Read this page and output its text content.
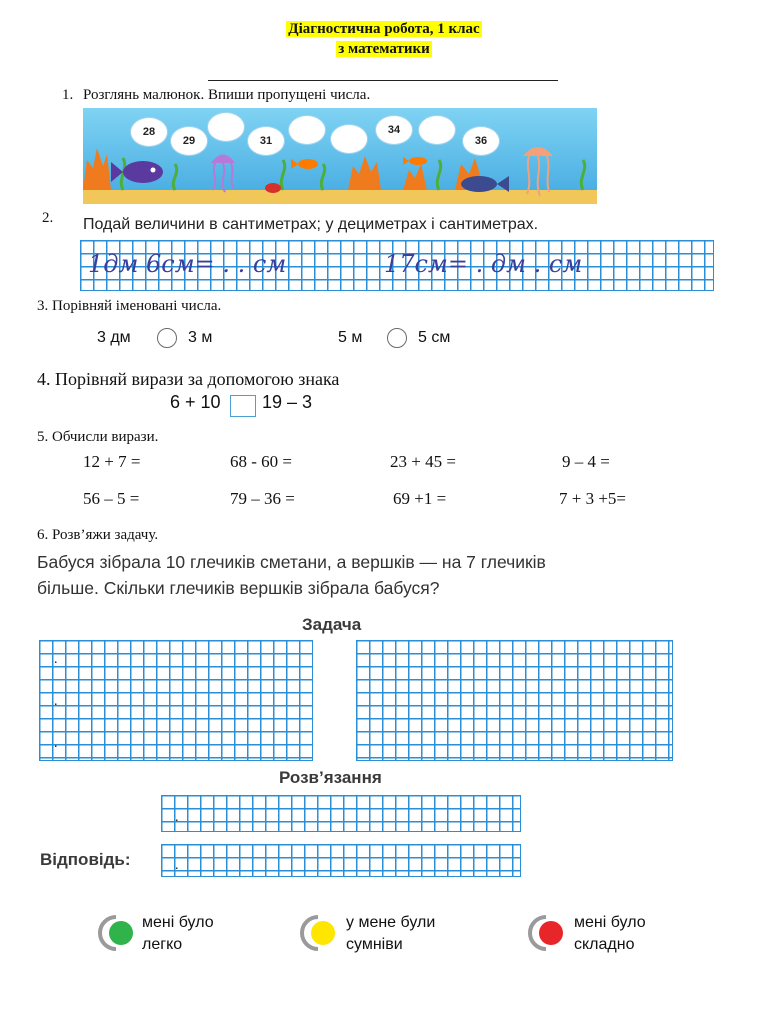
Діагностична робота, 1 клас
з математики
1. Розглянь малюнок. Впиши пропущені числа.
28
29	31
34
36
2. Подай величини в сантиметрах; у дециметрах і сантиметрах.
1дм 6см= . . см	17см= . дм . см
3. Порівняй іменовані числа.
3 дм	3 м	5 м	5 см
4. Порівняй вирази за допомогою знака
6 + 10 19 – 3
5. Обчисли вирази.
12 + 7 =	68 - 60 =	23 + 45 =	9 – 4 =
56 – 5 =	79 – 36 =	69 +1 =	7 + 3 +5=
6. Розв’яжи задачу.
Бабуся зібрала 10 глечиків сметани, а вершків — на 7 глечиків
більше. Скільки глечиків вершків зібрала бабуся?
Задача
.
.
.
Розв’язання
.
Відповідь:	.
мені було
легко
у мене були
сумніви
мені було
складно
